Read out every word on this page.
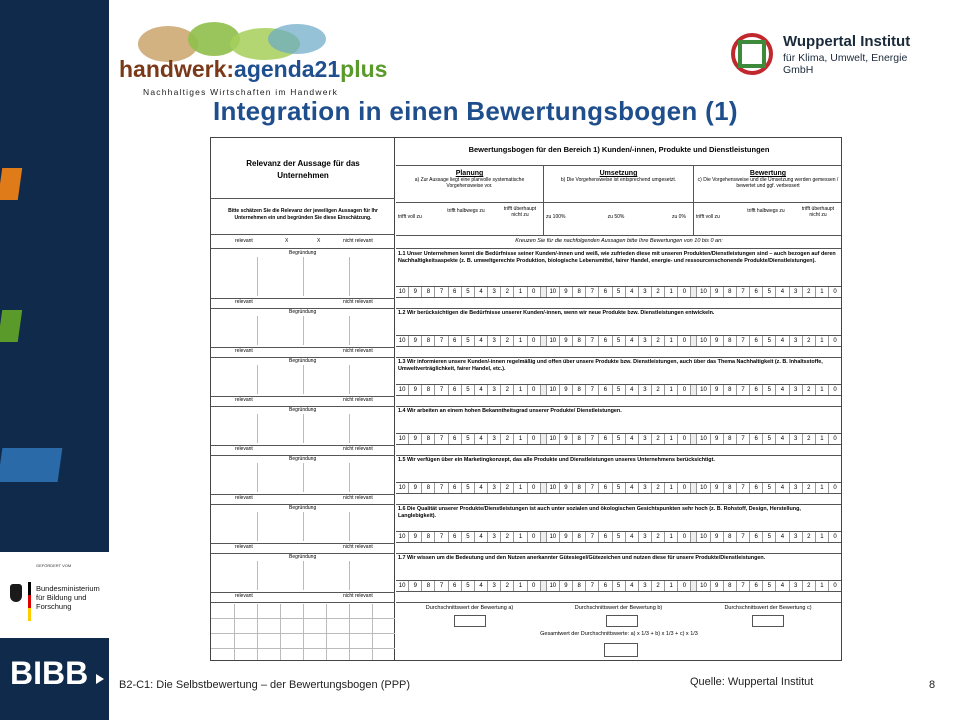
GEFÖRDERT VOM
Bundesministerium für Bildung und Forschung
BIBB
handwerk:agenda21plus
Nachhaltiges Wirtschaften im Handwerk
Wuppertal Institut
für Klima, Umwelt, Energie GmbH
Integration in einen Bewertungsbogen (1)
Relevanz der Aussage für das Unternehmen
Bitte schätzen Sie die Relevanz der jeweiligen Aussagen für Ihr Unternehmen ein und begründen Sie diese Einschätzung.
relevant	X	X	nicht relevant
Begründung
relevant	nicht relevant
Begründung
relevant	nicht relevant
Begründung
relevant	nicht relevant
Begründung
relevant	nicht relevant
Begründung
relevant	nicht relevant
Begründung
relevant	nicht relevant
Begründung
relevant	nicht relevant
Bewertungsbogen für den Bereich 1) Kunden/-innen, Produkte und Dienstleistungen
Planung
a) Zur Aussage liegt eine planvolle systematische Vorgehensweise vor.
Umsetzung
b) Die Vorgehensweise ist entsprechend umgesetzt.
Bewertung
c) Die Vorgehensweise und die Umsetzung werden gemessen / bewertet und ggf. verbessert
trifft voll zu
trifft halbwegs zu	trifft überhaupt nicht zu	zu 100%	zu 50%	zu 0%	trifft voll zu
trifft halbwegs zu	trifft überhaupt nicht zu
Kreuzen Sie für die nachfolgenden Aussagen bitte Ihre Bewertungen von 10 bis 0 an:
1.1 Unser Unternehmen kennt die Bedürfnisse seiner Kunden/-innen und weiß, wie zufrieden diese mit unseren Produkten/Dienstleistungen sind – auch bezogen auf deren Nachhaltigkeitsaspekte (z. B. umweltgerechte Produktion, biologische Lebensmittel, fairer Handel, energie- und ressourcenschonende Produkte/Dienstleistungen).
10	9	8	7	6	5	4	3	2	1	0	10	9	8	7	6	5	4	3	2	1	0	10	9	8	7	6	5	4	3	2	1	0
1.2 Wir berücksichtigen die Bedürfnisse unserer Kunden/-innen, wenn wir neue Produkte bzw. Dienstleistungen entwickeln.
10	9	8	7	6	5	4	3	2	1	0	10	9	8	7	6	5	4	3	2	1	0	10	9	8	7	6	5	4	3	2	1	0
1.3 Wir informieren unsere Kunden/-innen regelmäßig und offen über unsere Produkte bzw. Dienstleistungen, auch über das Thema Nachhaltigkeit (z. B. Inhaltsstoffe, Umweltverträglichkeit, fairer Handel, etc.).
10	9	8	7	6	5	4	3	2	1	0	10	9	8	7	6	5	4	3	2	1	0	10	9	8	7	6	5	4	3	2	1	0
1.4 Wir arbeiten an einem hohen Bekanntheitsgrad unserer Produkte/ Dienstleistungen.
10	9	8	7	6	5	4	3	2	1	0	10	9	8	7	6	5	4	3	2	1	0	10	9	8	7	6	5	4	3	2	1	0
1.5 Wir verfügen über ein Marketingkonzept, das alle Produkte und Dienstleistungen unseres Unternehmens berücksichtigt.
10	9	8	7	6	5	4	3	2	1	0	10	9	8	7	6	5	4	3	2	1	0	10	9	8	7	6	5	4	3	2	1	0
1.6 Die Qualität unserer Produkte/Dienstleistungen ist auch unter sozialen und ökologischen Gesichtspunkten sehr hoch (z. B. Rohstoff, Design, Herstellung, Langlebigkeit).
10	9	8	7	6	5	4	3	2	1	0	10	9	8	7	6	5	4	3	2	1	0	10	9	8	7	6	5	4	3	2	1	0
1.7 Wir wissen um die Bedeutung und den Nutzen anerkannter Gütesiegel/Gütezeichen und nutzen diese für unsere Produkte/Dienstleistungen.
10	9	8	7	6	5	4	3	2	1	0	10	9	8	7	6	5	4	3	2	1	0	10	9	8	7	6	5	4	3	2	1	0
Durchschnittswert der Bewertung a)	Durchschnittswert der Bewertung b)	Durchschnittswert der Bewertung c)
Gesamtwert der Durchschnittswerte: a) x 1/3 + b) x 1/3 + c) x 1/3
B2-C1: Die Selbstbewertung – der Bewertungsbogen (PPP)	Quelle: Wuppertal Institut	8
